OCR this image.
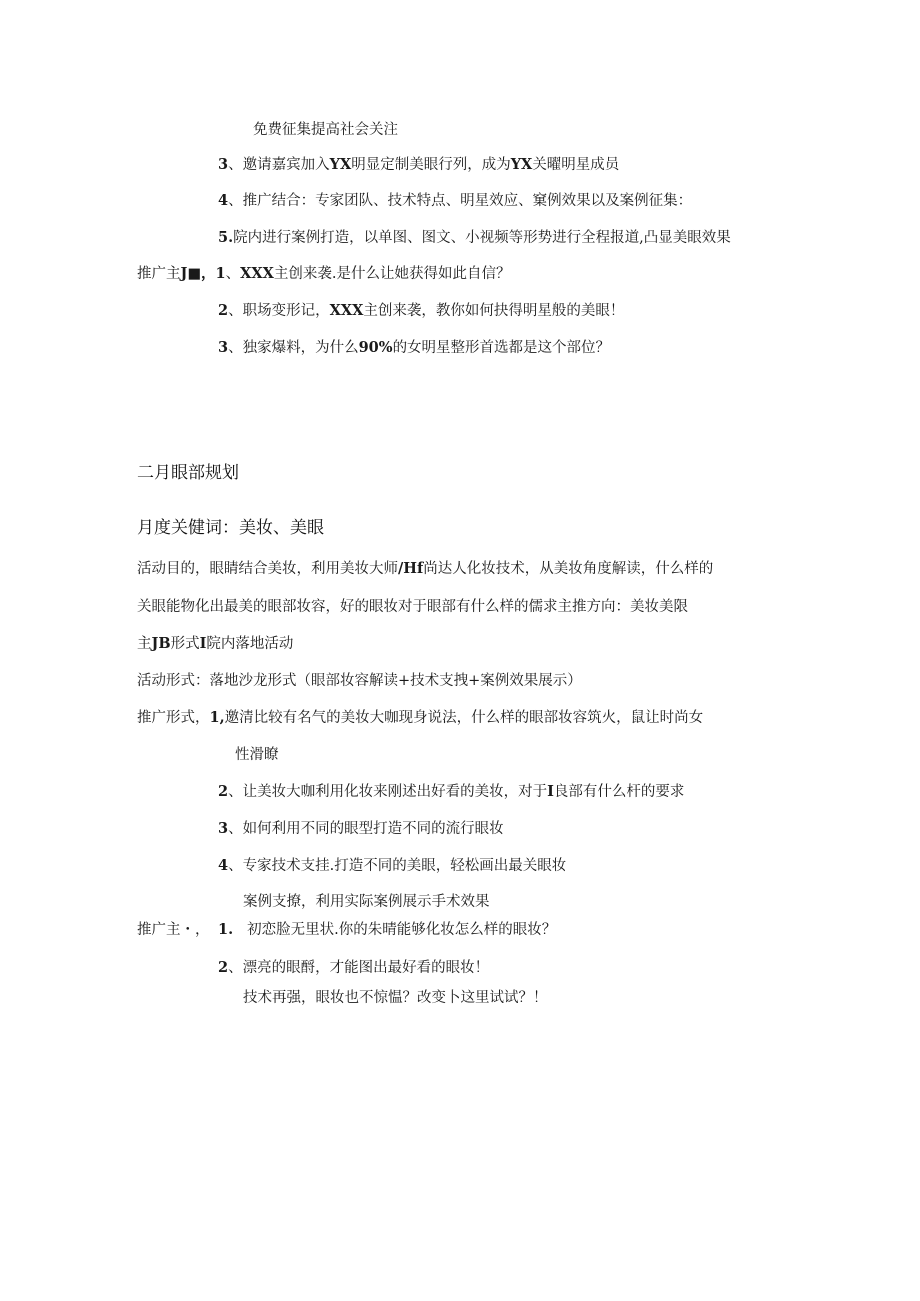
免费征集提高社会关注
3、邀请嘉宾加入YX明显定制美眼行列，成为YX关曜明星成员
4、推广结合：专家团队、技术特点、明星效应、窠例效果以及案例征集：
5.院内进行案例打造，以单图、图文、小视频等形势进行全程报道,凸显美眼效果
推广主J■，1、XXX主创来袭.是什么让她获得如此自信？
2、职场变形记，XXX主创来袭，教你如何抉得明星般的美眼！
3、独家爆料，为什么90%的女明星整形首选都是这个部位？
二月眼部规划
月度关健词：美妆、美眼
活动目的，眼睛结合美妆，利用美妆大师/Hf尚达人化妆技术，从美妆角度解读，什么样的
关眼能物化出最美的眼部妆容，好的眼妆对于眼部有什么样的儒求主推方向：美妆美限
主JB形式I院内落地活动
活动形式：落地沙龙形式（眼部妆容解读+技术支拽+案例效果展示）
推广形式，1,邀清比较有名气的美妆大咖现身说法，什么样的眼部妆容筑火，鼠让时尚女
性滑瞭
2、让美妆大咖利用化妆来刚述出好看的美妆，对于I良部有什么杆的要求
3、如何利用不同的眼型打造不同的流行眼妆
4、专家技术支挂.打造不同的美眼，轻松画出最关眼妆
案例支撩，利用实际案例展示手术效果
推广主・， 1. 初恋脸无里状.你的朱晴能够化妆怎么样的眼妆？
2、漂亮的眼酹，才能图出最好看的眼妆！
技术再强，眼妆也不惊愠？改变卜这里试试？！
